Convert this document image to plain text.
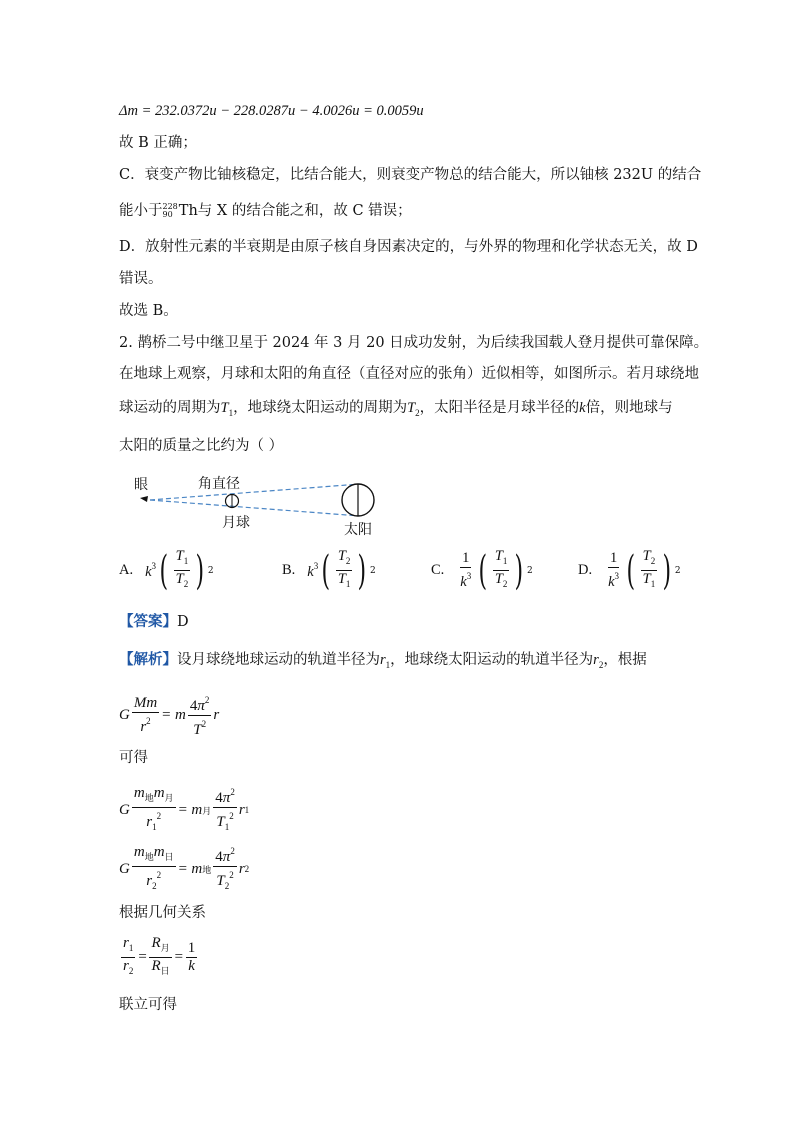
Δm = 232.0372u − 228.0287u − 4.0026u = 0.0059u
故 B 正确；
C．衰变产物比铀核稳定，比结合能大，则衰变产物总的结合能大，所以铀核 232U 的结合
能小于 228
90 Th与 X 的结合能之和，故 C 错误；
D．放射性元素的半衰期是由原子核自身因素决定的，与外界的物理和化学状态无关，故 D
错误。
故选 B。
2. 鹊桥二号中继卫星于 2024 年 3 月 20 日成功发射，为后续我国载人登月提供可靠保障。
在地球上观察，月球和太阳的角直径（直径对应的张角）近似相等，如图所示。若月球绕地
球运动的周期为$T_1$，地球绕太阳运动的周期为$T_2$，太阳半径是月球半径的k倍，则地球与
太阳的质量之比约为（ ）
眼	角直径
月球	太阳
A. $k^3$ ( $\frac{T_1}{T_2}$ ) 2	B. $k^3$ ( $\frac{T_2}{T_1}$ ) 2	C. $\frac{1}{k^3}$ ( $\frac{T_1}{T_2}$ ) 2	D. $\frac{1}{k^3}$ ( $\frac{T_2}{T_1}$ ) 2
【答案】D
【解析】设月球绕地球运动的轨道半径为$r_1$，地球绕太阳运动的轨道半径为$r_2$，根据
G $\frac{Mm}{r^2} = m \frac{4\pi^2}{T^2}$ r
可得
G $\frac{m_地m_月}{r_1^2} = m$ 月 $\frac{4\pi^2}{T_1^2}$ r 1
G $\frac{m_地m_日}{r_2^2} = m$ 地 $\frac{4\pi^2}{T_2^2}$ r 2
根据几何关系
$\frac{r_1}{r_2} = \frac{R_月}{R_日} = \frac{1}{k}$
联立可得
